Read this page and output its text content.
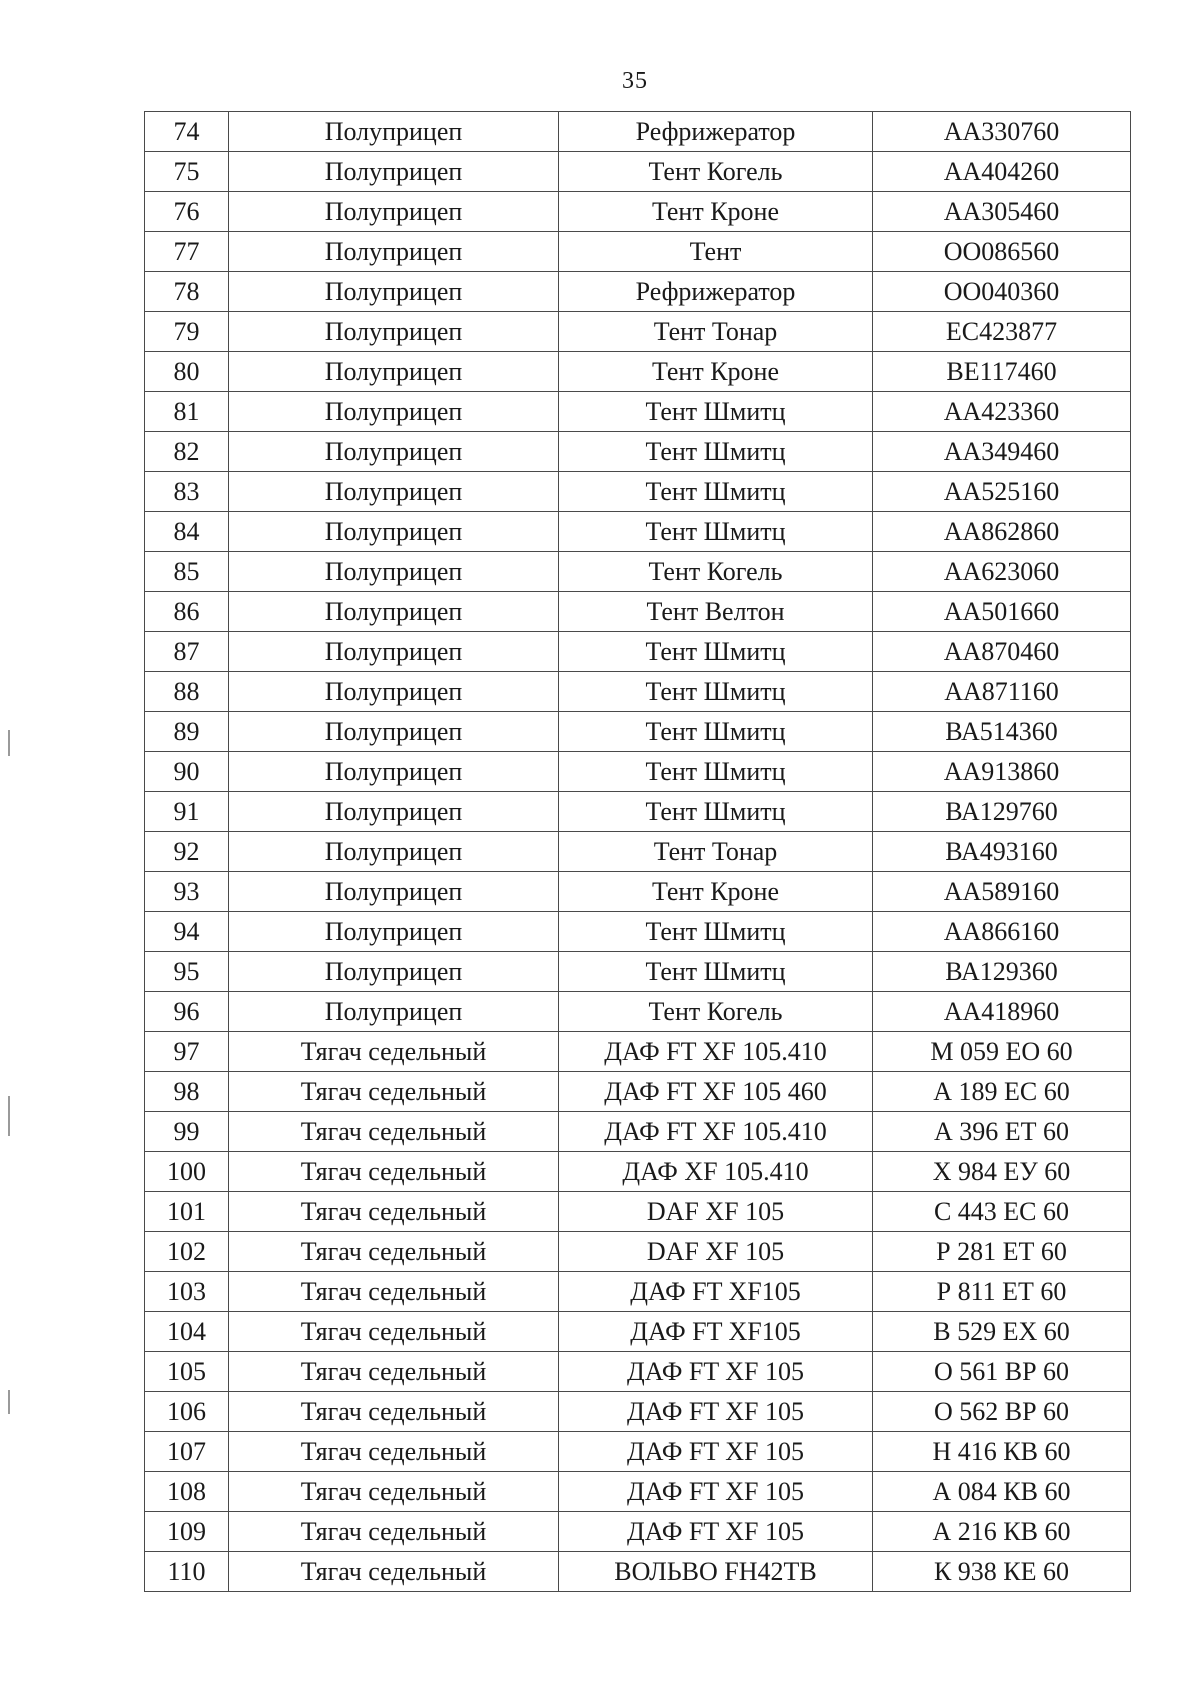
35
74	Полуприцеп	Рефрижератор	АА330760
75	Полуприцеп	Тент Когель	АА404260
76	Полуприцеп	Тент Кроне	АА305460
77	Полуприцеп	Тент	ОО086560
78	Полуприцеп	Рефрижератор	ОО040360
79	Полуприцеп	Тент Тонар	ЕС423877
80	Полуприцеп	Тент Кроне	ВЕ117460
81	Полуприцеп	Тент Шмитц	АА423360
82	Полуприцеп	Тент Шмитц	АА349460
83	Полуприцеп	Тент Шмитц	АА525160
84	Полуприцеп	Тент Шмитц	АА862860
85	Полуприцеп	Тент Когель	АА623060
86	Полуприцеп	Тент Велтон	АА501660
87	Полуприцеп	Тент Шмитц	АА870460
88	Полуприцеп	Тент Шмитц	АА871160
89	Полуприцеп	Тент Шмитц	ВА514360
90	Полуприцеп	Тент Шмитц	АА913860
91	Полуприцеп	Тент Шмитц	ВА129760
92	Полуприцеп	Тент Тонар	ВА493160
93	Полуприцеп	Тент Кроне	АА589160
94	Полуприцеп	Тент Шмитц	АА866160
95	Полуприцеп	Тент Шмитц	ВА129360
96	Полуприцеп	Тент Когель	АА418960
97	Тягач седельный	ДАФ FT XF 105.410	М 059 ЕО 60
98	Тягач седельный	ДАФ FT XF 105 460	А 189 ЕС 60
99	Тягач седельный	ДАФ FT XF 105.410	А 396 ЕТ 60
100	Тягач седельный	ДАФ XF 105.410	Х 984 ЕУ 60
101	Тягач седельный	DAF XF 105	С 443 ЕС 60
102	Тягач седельный	DAF XF 105	Р 281 ЕТ 60
103	Тягач седельный	ДАФ FT XF105	Р 811 ЕТ 60
104	Тягач седельный	ДАФ FT XF105	В 529 ЕХ 60
105	Тягач седельный	ДАФ FT XF 105	О 561 ВР 60
106	Тягач седельный	ДАФ FT XF 105	О 562 ВР 60
107	Тягач седельный	ДАФ FT XF 105	Н 416 КВ 60
108	Тягач седельный	ДАФ FT XF 105	А 084 КВ 60
109	Тягач седельный	ДАФ FT XF 105	А 216 КВ 60
110	Тягач седельный	ВОЛЬВО FH42TB	К 938 КЕ 60
